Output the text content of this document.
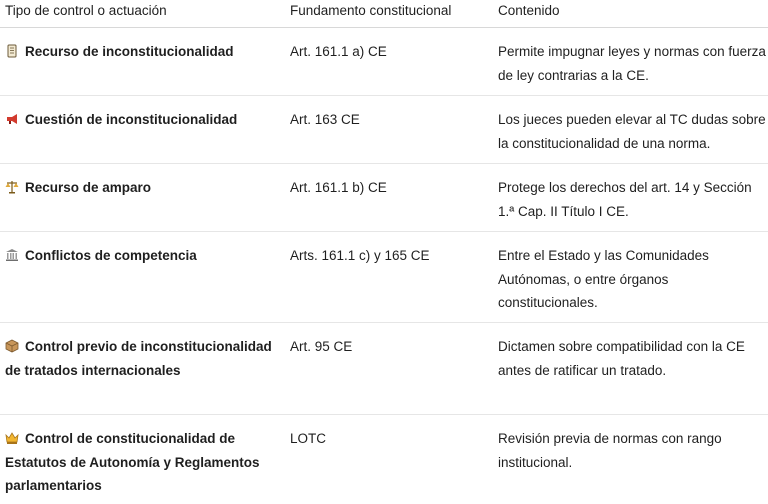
Tipo de control o actuación	Fundamento constitucional	Contenido

Recurso de inconstitucionalidad	Art. 161.1 a) CE	Permite impugnar leyes y normas con fuerza de ley contrarias a la CE.

Cuestión de inconstitucionalidad	Art. 163 CE	Los jueces pueden elevar al TC dudas sobre la constitucionalidad de una norma.

Recurso de amparo	Art. 161.1 b) CE	Protege los derechos del art. 14 y Sección 1.ª Cap. II Título I CE.

Conflictos de competencia	Arts. 161.1 c) y 165 CE	Entre el Estado y las Comunidades Autónomas, o entre órganos constitucionales.

Control previo de inconstitucionalidad de tratados internacionales	Art. 95 CE	Dictamen sobre compatibilidad con la CE antes de ratificar un tratado.

Control de constitucionalidad de Estatutos de Autonomía y Reglamentos parlamentarios	LOTC	Revisión previa de normas con rango institucional.
